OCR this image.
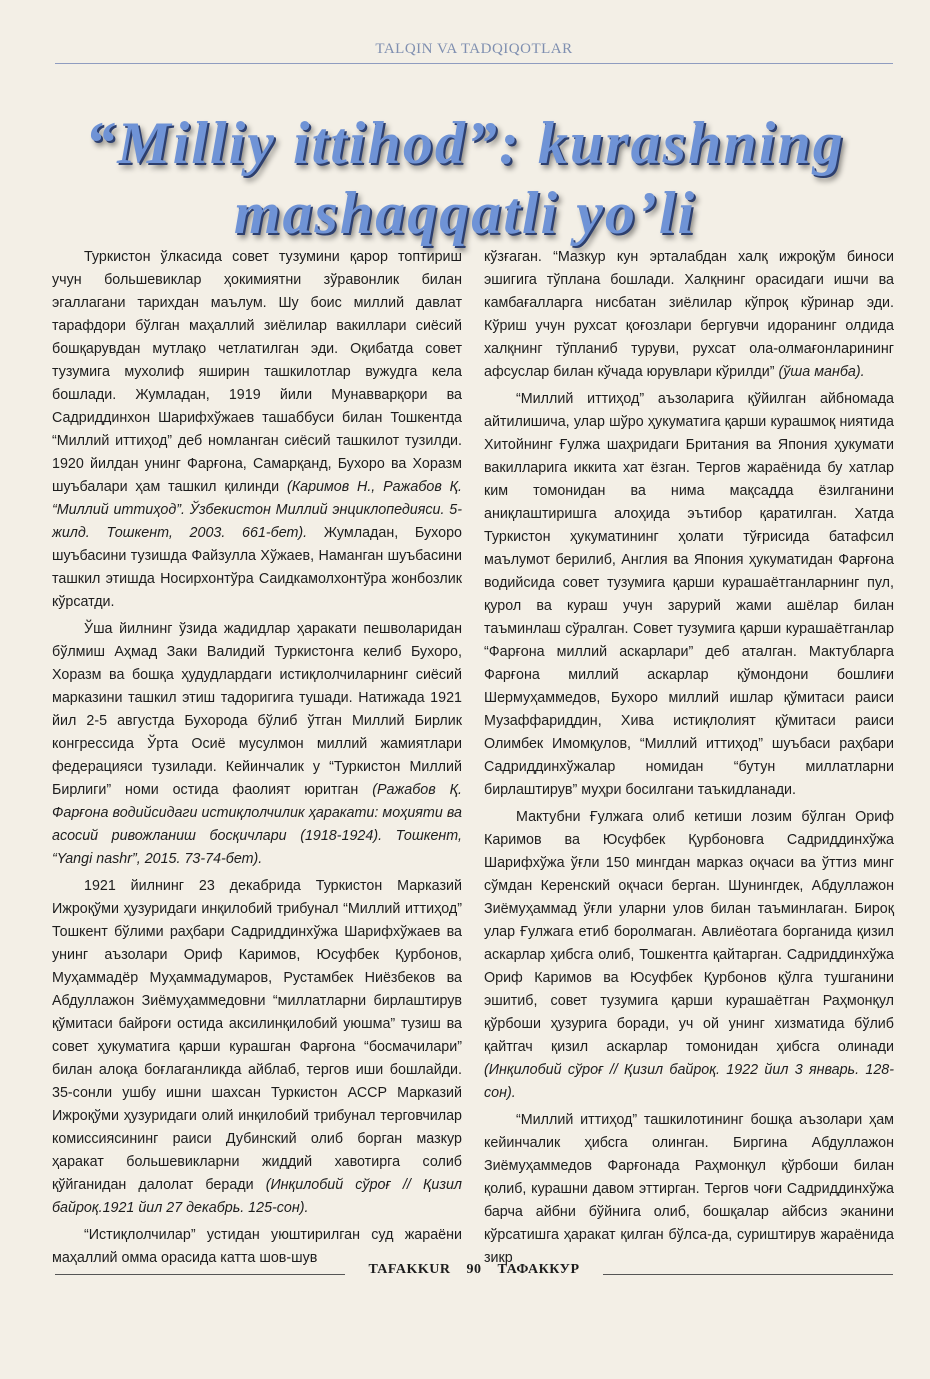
TALQIN VA TADQIQOTLAR
“Milliy ittihod”: kurashning
mashaqqatli yo’li

Туркистон ўлкасида совет тузумини қарор топтириш учун большевиклар ҳокимиятни зўравонлик билан эгаллагани тарихдан маълум. Шу боис миллий давлат тарафдори бўлган маҳаллий зиёлилар вакиллари сиёсий бошқарувдан мутлақо четлатилган эди. Оқибатда совет тузумига мухолиф яширин ташкилотлар вужудга кела бошлади. Жумладан, 1919 йили Мунавварқори ва Садриддинхон Шарифхўжаев ташаббуси билан Тошкентда “Миллий иттиҳод” деб номланган сиёсий ташкилот тузилди. 1920 йилдан унинг Фарғона, Самарқанд, Бухоро ва Хоразм шуъбалари ҳам ташкил қилинди (Каримов Н., Ражабов Қ. “Миллий иттиҳод”. Ўзбекистон Миллий энциклопедияси. 5-жилд. Тошкент, 2003. 661-бет). Жумладан, Бухоро шуъбасини тузишда Файзулла Хўжаев, Наманган шуъбасини ташкил этишда Носирхонтўра Саидкамолхонтўра жонбозлик кўрсатди.

Ўша йилнинг ўзида жадидлар ҳаракати пешволаридан бўлмиш Аҳмад Заки Валидий Туркистонга келиб Бухоро, Хоразм ва бошқа ҳудудлардаги истиқлолчиларнинг сиёсий марказини ташкил этиш тадоригига тушади. Натижада 1921 йил 2-5 августда Бухорода бўлиб ўтган Миллий Бирлик конгрессида Ўрта Осиё мусулмон миллий жамиятлари федерацияси тузилади. Кейинчалик у “Туркистон Миллий Бирлиги” номи остида фаолият юритган (Ражабов Қ. Фарғона водийсидаги истиқлолчилик ҳаракати: моҳияти ва асосий ривожланиш босқичлари (1918-1924). Тошкент, “Yangi nashr”, 2015. 73-74-бет).

1921 йилнинг 23 декабрида Туркистон Марказий Ижроқўми ҳузуридаги инқилобий трибунал “Миллий иттиҳод” Тошкент бўлими раҳбари Садриддинхўжа Шарифхўжаев ва унинг аъзолари Ориф Каримов, Юсуфбек Қурбонов, Муҳаммадёр Муҳаммадумаров, Рустамбек Ниёзбеков ва Абдуллажон Зиёмуҳаммедовни “миллатларни бирлаштирув қўмитаси байроғи остида аксилинқилобий уюшма” тузиш ва совет ҳукуматига қарши курашган Фарғона “босмачилари” билан алоқа боғлаганликда айблаб, тергов иши бошлайди. 35-сонли ушбу ишни шахсан Туркистон АССР Марказий Ижроқўми ҳузуридаги олий инқилобий трибунал терговчилар комиссиясининг раиси Дубинский олиб борган мазкур ҳаракат большевикларни жиддий хавотирга солиб қўйганидан далолат беради (Инқилобий сўроғ // Қизил байроқ.1921 йил 27 декабрь. 125-сон).

“Истиқлолчилар” устидан уюштирилган суд жараёни маҳаллий омма орасида катта шов-шув

кўзғаган. “Мазкур кун эрталабдан халқ ижроқўм биноси эшигига тўплана бошлади. Халқнинг орасидаги ишчи ва камбағалларга нисбатан зиёлилар кўпроқ кўринар эди. Кўриш учун рухсат қоғозлари бергувчи идоранинг олдида халқнинг тўпланиб туруви, рухсат ола-олмағонларининг афсуслар билан кўчада юрувлари кўрилди” (ўша манба).

“Миллий иттиҳод” аъзоларига қўйилган айбномада айтилишича, улар шўро ҳукуматига қарши курашмоқ ниятида Хитойнинг Ғулжа шаҳридаги Британия ва Япония ҳукумати вакилларига иккита хат ёзган. Тергов жараёнида бу хатлар ким томонидан ва нима мақсадда ёзилганини аниқлаштиришга алоҳида эътибор қаратилган. Хатда Туркистон ҳукуматининг ҳолати тўғрисида батафсил маълумот берилиб, Англия ва Япония ҳукуматидан Фарғона водийсида совет тузумига қарши курашаётганларнинг пул, қурол ва кураш учун зарурий жами ашёлар билан таъминлаш сўралган. Совет тузумига қарши курашаётганлар “Фарғона миллий аскарлари” деб аталган. Мактубларга Фарғона миллий аскарлар қўмондони бошлиғи Шермуҳаммедов, Бухоро миллий ишлар қўмитаси раиси Музаффариддин, Хива истиқлолият қўмитаси раиси Олимбек Имомқулов, “Миллий иттиҳод” шуъбаси раҳбари Садриддинхўжалар номидан “бутун миллатларни бирлаштирув” муҳри босилгани таъкидланади.

Мактубни Ғулжага олиб кетиши лозим бўлган Ориф Каримов ва Юсуфбек Қурбоновга Садриддинхўжа Шарифхўжа ўғли 150 мингдан марказ оқчаси ва ўттиз минг сўмдан Керенский оқчаси берган. Шунингдек, Абдуллажон Зиёмуҳаммад ўғли уларни улов билан таъминлаган. Бироқ улар Ғулжага етиб боролмаган. Авлиёотага борганида қизил аскарлар ҳибсга олиб, Тошкентга қайтарган. Садриддинхўжа Ориф Каримов ва Юсуфбек Қурбонов қўлга тушганини эшитиб, совет тузумига қарши курашаётган Раҳмонқул қўрбоши ҳузурига боради, уч ой унинг хизматида бўлиб қайтгач қизил аскарлар томонидан ҳибсга олинади (Инқилобий сўроғ // Қизил байроқ. 1922 йил 3 январь. 128-сон).

“Миллий иттиҳод” ташкилотининг бошқа аъзолари ҳам кейинчалик ҳибсга олинган. Биргина Абдуллажон Зиёмуҳаммедов Фарғонада Раҳмонқул қўрбоши билан қолиб, курашни давом эттирган. Тергов чоғи Садриддинхўжа барча айбни бўйнига олиб, бошқалар айбсиз эканини кўрсатишга ҳаракат қилган бўлса-да, суриштирув жараёнида зикр

TAFAKKUR 90 ТАФАККУР
